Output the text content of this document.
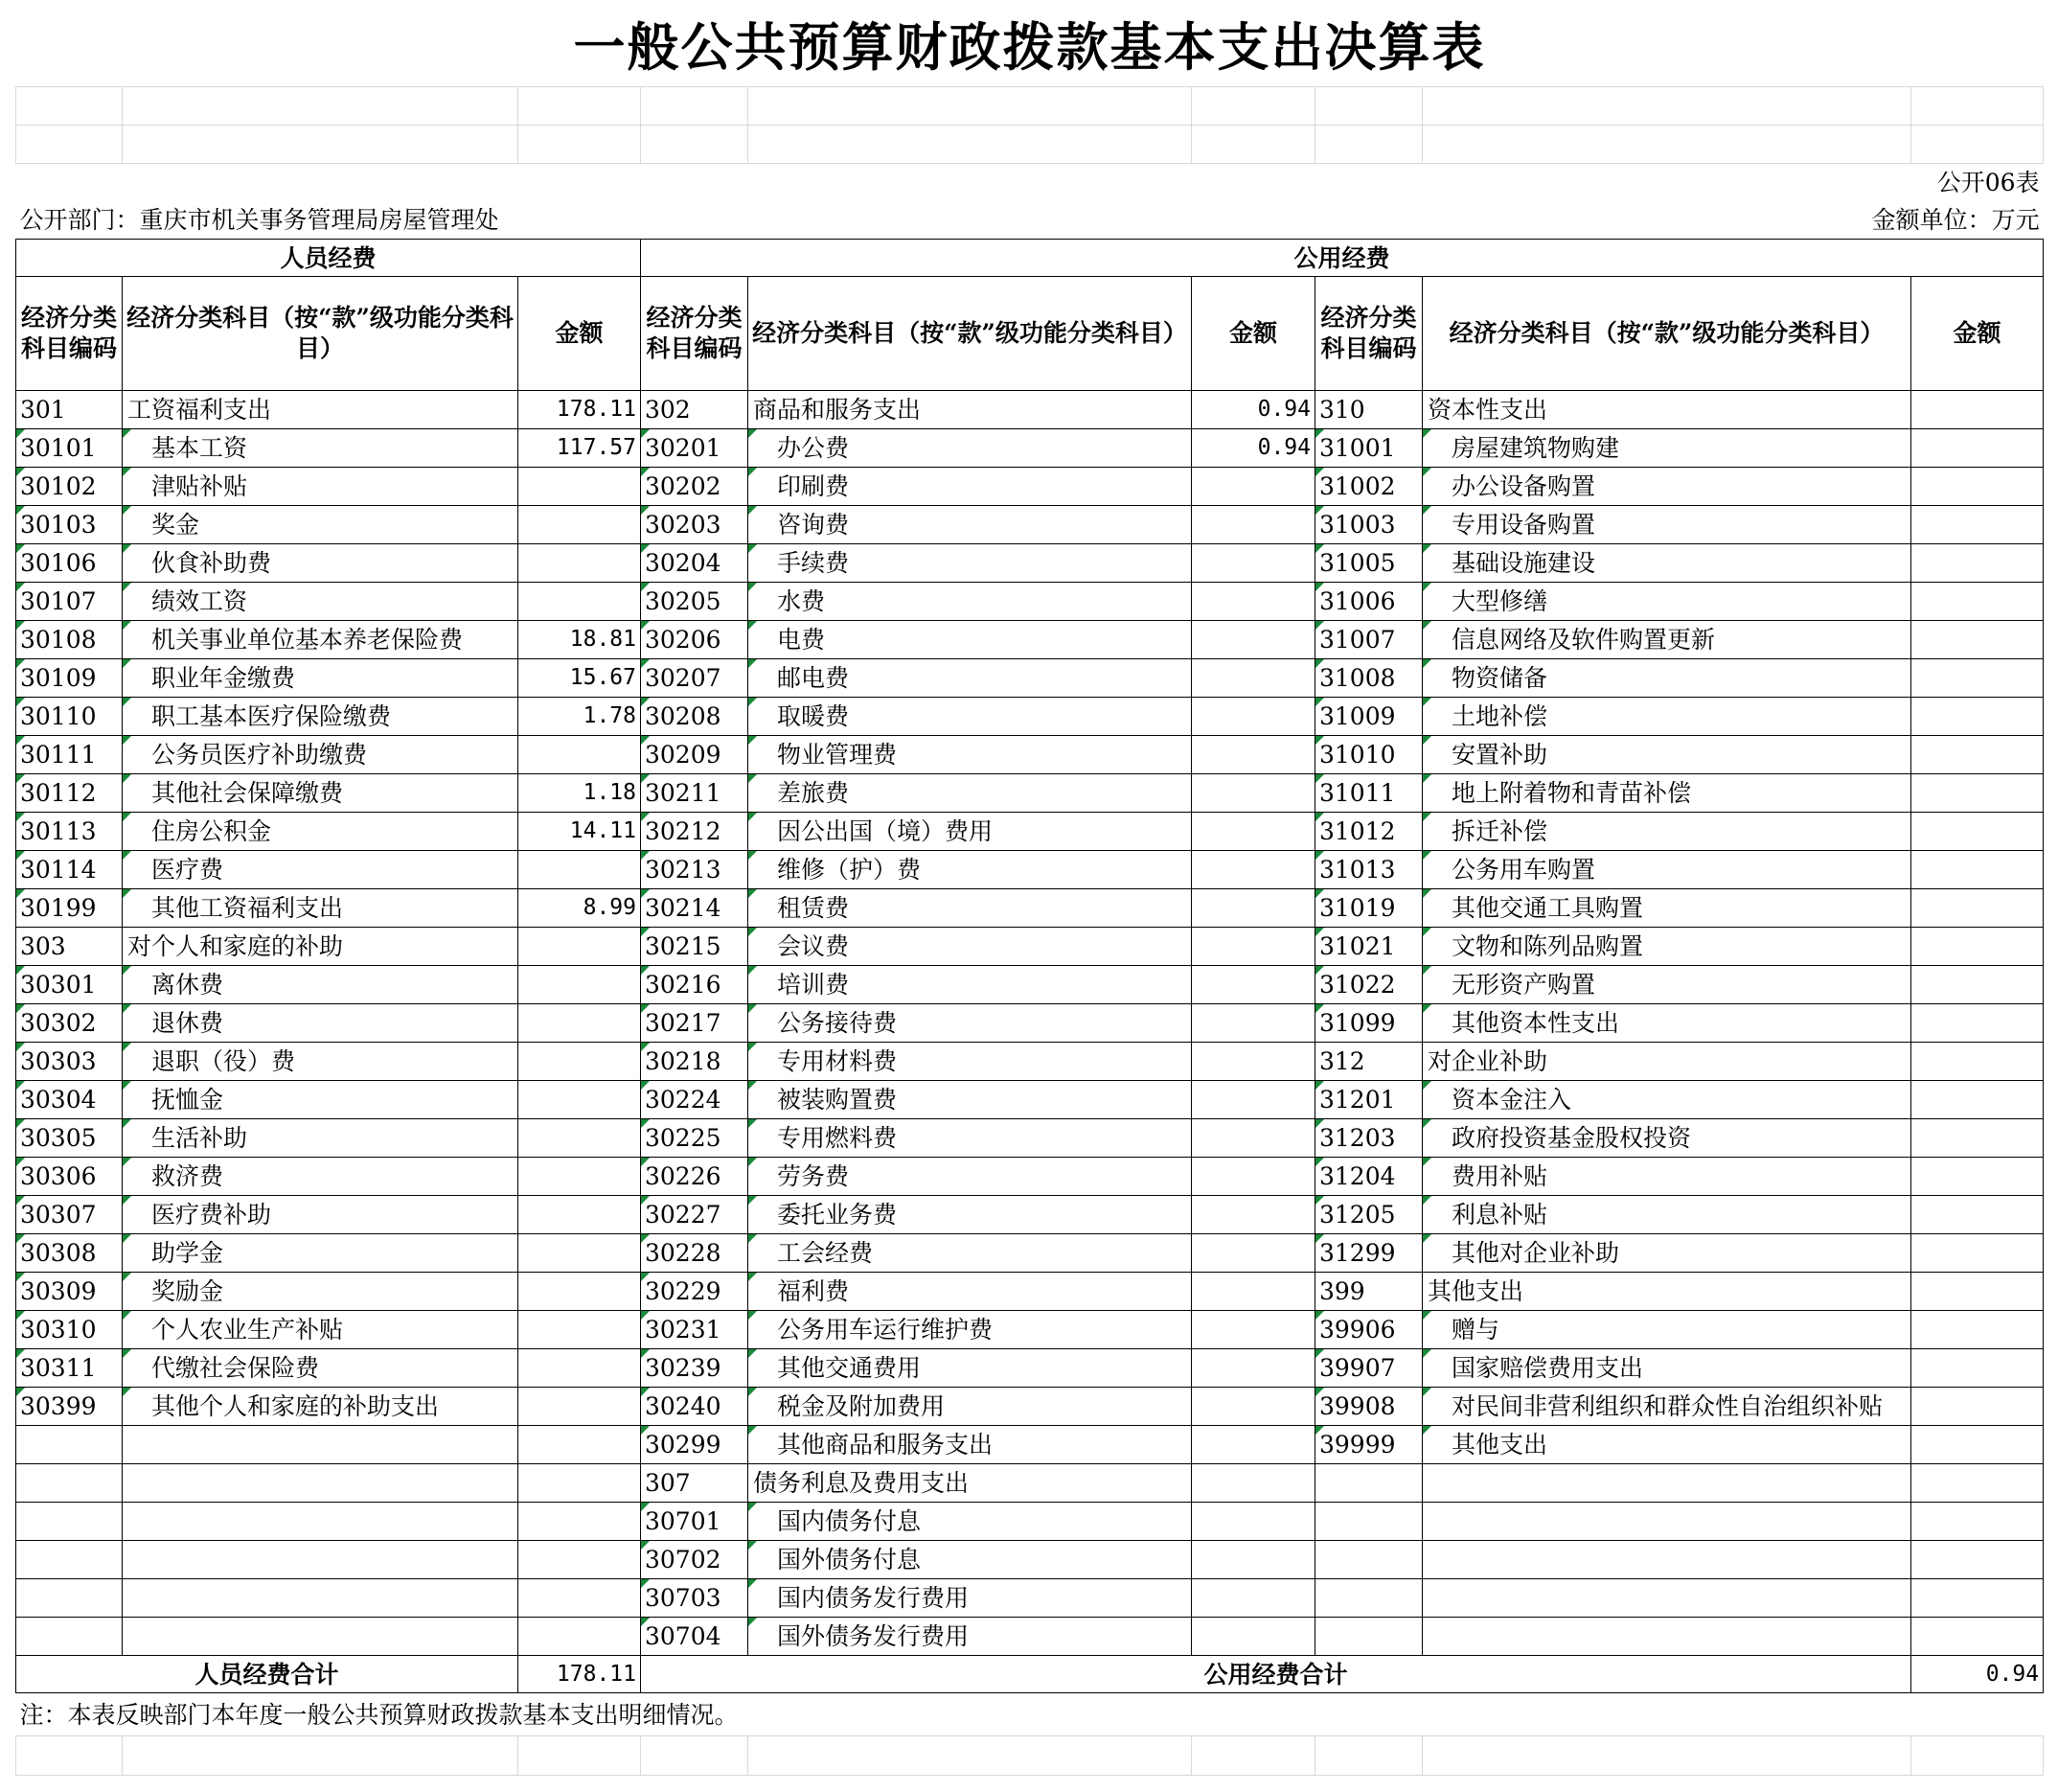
一般公共预算财政拨款基本支出决算表								

								公开06表
公开部门：重庆市机关事务管理局房屋管理处						金额单位：万元		
人员经费			公用经费					
经济分类科目编码	经济分类科目（按“款”级功能分类科目）	金额	经济分类科目编码	经济分类科目（按“款”级功能分类科目）	金额	经济分类科目编码	经济分类科目（按“款”级功能分类科目）	金额
301	工资福利支出	178.11	302	商品和服务支出	0.94	310	资本性支出	
30101	基本工资	117.57	30201	办公费	0.94	31001	房屋建筑物购建	
30102	津贴补贴		30202	印刷费		31002	办公设备购置	
30103	奖金		30203	咨询费		31003	专用设备购置	
30106	伙食补助费		30204	手续费		31005	基础设施建设	
30107	绩效工资		30205	水费		31006	大型修缮	
30108	机关事业单位基本养老保险费	18.81	30206	电费		31007	信息网络及软件购置更新	
30109	职业年金缴费	15.67	30207	邮电费		31008	物资储备	
30110	职工基本医疗保险缴费	1.78	30208	取暖费		31009	土地补偿	
30111	公务员医疗补助缴费		30209	物业管理费		31010	安置补助	
30112	其他社会保障缴费	1.18	30211	差旅费		31011	地上附着物和青苗补偿	
30113	住房公积金	14.11	30212	因公出国（境）费用		31012	拆迁补偿	
30114	医疗费		30213	维修（护）费		31013	公务用车购置	
30199	其他工资福利支出	8.99	30214	租赁费		31019	其他交通工具购置	
303	对个人和家庭的补助		30215	会议费		31021	文物和陈列品购置	
30301	离休费		30216	培训费		31022	无形资产购置	
30302	退休费		30217	公务接待费		31099	其他资本性支出	
30303	退职（役）费		30218	专用材料费		312	对企业补助	
30304	抚恤金		30224	被装购置费		31201	资本金注入	
30305	生活补助		30225	专用燃料费		31203	政府投资基金股权投资	
30306	救济费		30226	劳务费		31204	费用补贴	
30307	医疗费补助		30227	委托业务费		31205	利息补贴	
30308	助学金		30228	工会经费		31299	其他对企业补助	
30309	奖励金		30229	福利费		399	其他支出	
30310	个人农业生产补贴		30231	公务用车运行维护费		39906	赠与	
30311	代缴社会保险费		30239	其他交通费用		39907	国家赔偿费用支出	
30399	其他个人和家庭的补助支出		30240	税金及附加费用		39908	对民间非营利组织和群众性自治组织补贴	
			30299	其他商品和服务支出		39999	其他支出	
			307	债务利息及费用支出				
			30701	国内债务付息				
			30702	国外债务付息				
			30703	国内债务发行费用				
			30704	国外债务发行费用				
人员经费合计		178.11	公用经费合计					0.94
注：本表反映部门本年度一般公共预算财政拨款基本支出明细情况。								
